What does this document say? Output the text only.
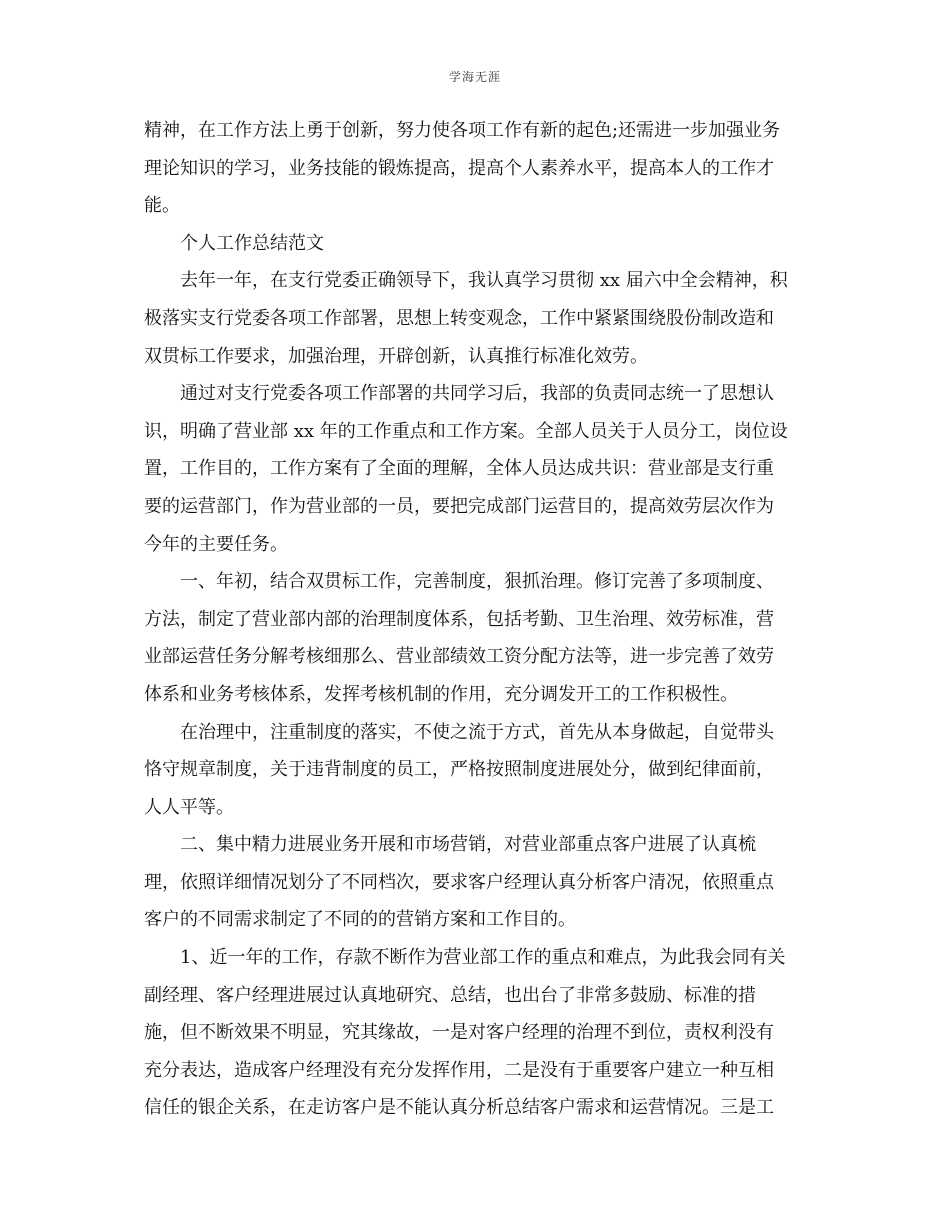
学海无涯
精神，在工作方法上勇于创新，努力使各项工作有新的起色;还需进一步加强业务
理论知识的学习，业务技能的锻炼提高，提高个人素养水平，提高本人的工作才
能。
个人工作总结范文
去年一年，在支行党委正确领导下，我认真学习贯彻 xx 届六中全会精神，积
极落实支行党委各项工作部署，思想上转变观念，工作中紧紧围绕股份制改造和
双贯标工作要求，加强治理，开辟创新，认真推行标准化效劳。
通过对支行党委各项工作部署的共同学习后，我部的负责同志统一了思想认
识，明确了营业部 xx 年的工作重点和工作方案。全部人员关于人员分工，岗位设
置，工作目的，工作方案有了全面的理解，全体人员达成共识：营业部是支行重
要的运营部门，作为营业部的一员，要把完成部门运营目的，提高效劳层次作为
今年的主要任务。
一、年初，结合双贯标工作，完善制度，狠抓治理。修订完善了多项制度、
方法，制定了营业部内部的治理制度体系，包括考勤、卫生治理、效劳标准，营
业部运营任务分解考核细那么、营业部绩效工资分配方法等，进一步完善了效劳
体系和业务考核体系，发挥考核机制的作用，充分调发开工的工作积极性。
在治理中，注重制度的落实，不使之流于方式，首先从本身做起，自觉带头
恪守规章制度，关于违背制度的员工，严格按照制度进展处分，做到纪律面前，
人人平等。
二、集中精力进展业务开展和市场营销，对营业部重点客户进展了认真梳
理，依照详细情况划分了不同档次，要求客户经理认真分析客户清况，依照重点
客户的不同需求制定了不同的的营销方案和工作目的。
1、近一年的工作，存款不断作为营业部工作的重点和难点，为此我会同有关
副经理、客户经理进展过认真地研究、总结，也出台了非常多鼓励、标准的措
施，但不断效果不明显，究其缘故，一是对客户经理的治理不到位，责权利没有
充分表达，造成客户经理没有充分发挥作用，二是没有于重要客户建立一种互相
信任的银企关系，在走访客户是不能认真分析总结客户需求和运营情况。三是工
